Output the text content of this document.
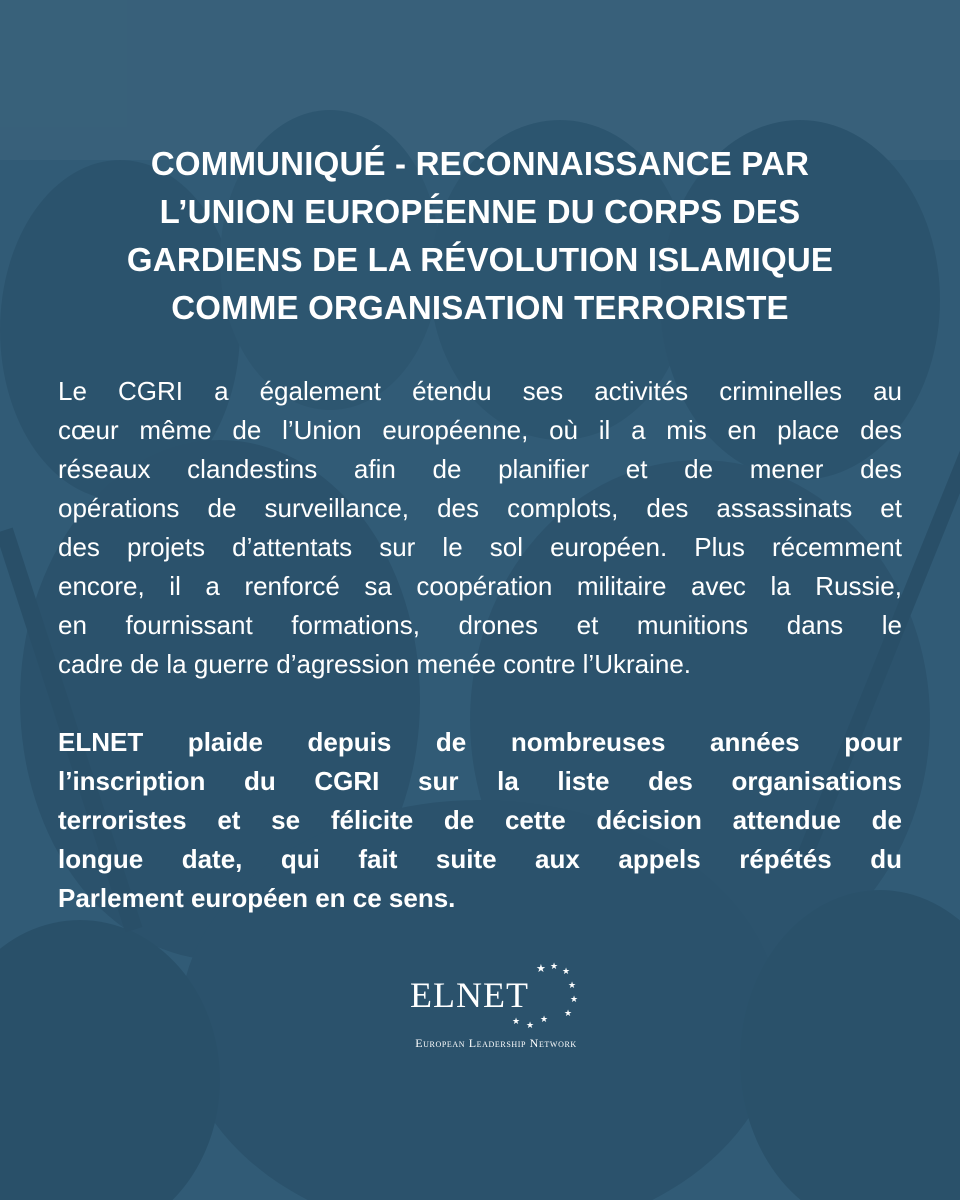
COMMUNIQUÉ - RECONNAISSANCE PAR
L’UNION EUROPÉENNE DU CORPS DES
GARDIENS DE LA RÉVOLUTION ISLAMIQUE
COMME ORGANISATION TERRORISTE

Le CGRI a également étendu ses activités criminelles au
cœur même de l’Union européenne, où il a mis en place des
réseaux clandestins afin de planifier et de mener des
opérations de surveillance, des complots, des assassinats et
des projets d’attentats sur le sol européen. Plus récemment
encore, il a renforcé sa coopération militaire avec la Russie,
en fournissant formations, drones et munitions dans le
cadre de la guerre d’agression menée contre l’Ukraine.

ELNET plaide depuis de nombreuses années pour
l’inscription du CGRI sur la liste des organisations
terroristes et se félicite de cette décision attendue de
longue date, qui fait suite aux appels répétés du
Parlement européen en ce sens.

★ ★ ★
★
★
★
★
★
★
ELNET
European Leadership Network
